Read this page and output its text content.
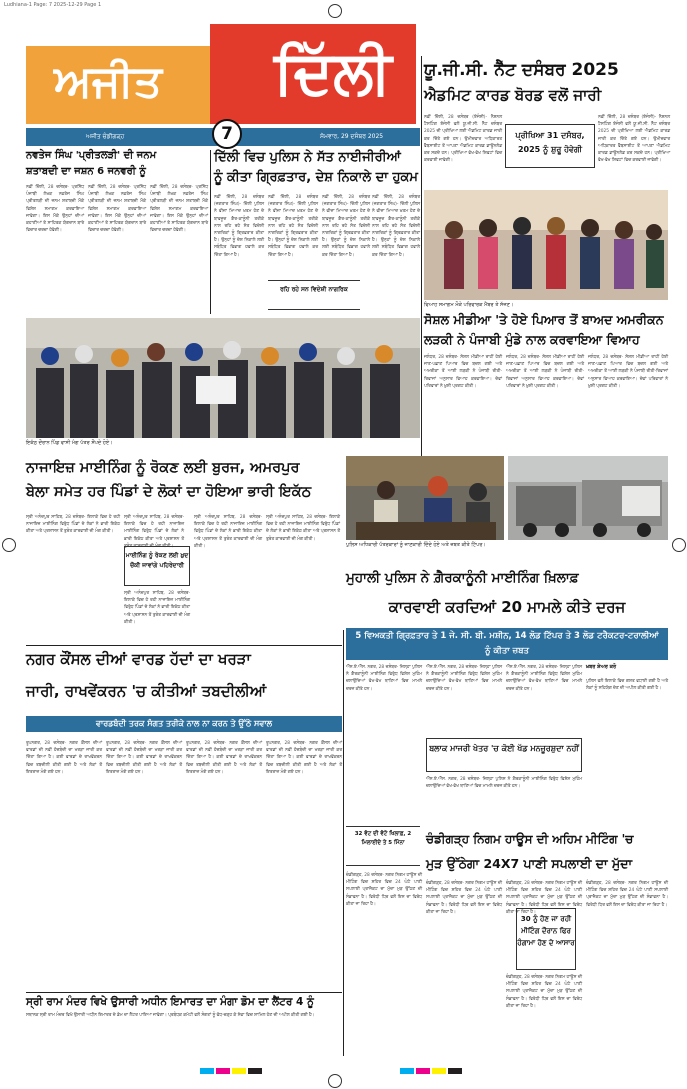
Ludhiana-1 Page: 7 2025-12-29 Page 1
ਅਜੀਤ ਦਿੱਲੀ
ਅਜੀਤ ਚੰਡੀਗੜ੍ਹ	ਸੋਮਵਾਰ, 29 ਦਸੰਬਰ 2025
7
ਯੂ.ਜੀ.ਸੀ. ਨੈੱਟ ਦਸੰਬਰ 2025
ਐਡਮਿਟ ਕਾਰਡ ਬੋਰਡ ਵਲੋਂ ਜਾਰੀ
ਨਵੀਂ ਦਿੱਲੀ, 28 ਦਸੰਬਰ (ਏਜੰਸੀ)- ਨੈਸ਼ਨਲ ਟੈਸਟਿੰਗ ਏਜੰਸੀ ਵਲੋਂ ਯੂ.ਜੀ.ਸੀ. ਨੈੱਟ ਦਸੰਬਰ 2025 ਦੀ ਪ੍ਰੀਖਿਆ ਲਈ ਐਡਮਿਟ ਕਾਰਡ ਜਾਰੀ ਕਰ ਦਿੱਤੇ ਗਏ ਹਨ। ਉਮੀਦਵਾਰ ਅਧਿਕਾਰਤ ਵੈੱਬਸਾਈਟ ਤੋਂ ਆਪਣਾ ਐਡਮਿਟ ਕਾਰਡ ਡਾਊਨਲੋਡ ਕਰ ਸਕਦੇ ਹਨ। ਪ੍ਰੀਖਿਆ ਵੱਖ-ਵੱਖ ਸ਼ਿਫਟਾਂ ਵਿਚ ਕਰਵਾਈ ਜਾਵੇਗੀ।
ਪ੍ਰੀਖਿਆ 31 ਦਸੰਬਰ, 2025 ਨੂੰ ਸ਼ੁਰੂ ਹੋਵੇਗੀ
ਨਵੀਂ ਦਿੱਲੀ, 28 ਦਸੰਬਰ (ਏਜੰਸੀ)- ਨੈਸ਼ਨਲ ਟੈਸਟਿੰਗ ਏਜੰਸੀ ਵਲੋਂ ਯੂ.ਜੀ.ਸੀ. ਨੈੱਟ ਦਸੰਬਰ 2025 ਦੀ ਪ੍ਰੀਖਿਆ ਲਈ ਐਡਮਿਟ ਕਾਰਡ ਜਾਰੀ ਕਰ ਦਿੱਤੇ ਗਏ ਹਨ। ਉਮੀਦਵਾਰ ਅਧਿਕਾਰਤ ਵੈੱਬਸਾਈਟ ਤੋਂ ਆਪਣਾ ਐਡਮਿਟ ਕਾਰਡ ਡਾਊਨਲੋਡ ਕਰ ਸਕਦੇ ਹਨ। ਪ੍ਰੀਖਿਆ ਵੱਖ-ਵੱਖ ਸ਼ਿਫਟਾਂ ਵਿਚ ਕਰਵਾਈ ਜਾਵੇਗੀ।
ਵਿਆਹ ਸਮਾਗਮ ਮੌਕੇ ਪਰਿਵਾਰਕ ਮੈਂਬਰ ਤੇ ਸੱਜਣ।
ਸੋਸ਼ਲ ਮੀਡੀਆ 'ਤੇ ਹੋਏ ਪਿਆਰ ਤੋਂ ਬਾਅਦ ਅਮਰੀਕਨ
ਲੜਕੀ ਨੇ ਪੰਜਾਬੀ ਮੁੰਡੇ ਨਾਲ ਕਰਵਾਇਆ ਵਿਆਹ
ਜਲੰਧਰ, 28 ਦਸੰਬਰ- ਸੋਸ਼ਲ ਮੀਡੀਆ ਰਾਹੀਂ ਹੋਈ ਜਾਣ-ਪਛਾਣ ਪਿਆਰ ਵਿਚ ਬਦਲ ਗਈ ਅਤੇ ਅਮਰੀਕਾ ਤੋਂ ਆਈ ਲੜਕੀ ਨੇ ਪੰਜਾਬੀ ਰੀਤੀ-ਰਿਵਾਜਾਂ ਅਨੁਸਾਰ ਵਿਆਹ ਕਰਵਾਇਆ। ਦੋਵਾਂ ਪਰਿਵਾਰਾਂ ਨੇ ਖ਼ੁਸ਼ੀ ਪ੍ਰਗਟ ਕੀਤੀ।
ਜਲੰਧਰ, 28 ਦਸੰਬਰ- ਸੋਸ਼ਲ ਮੀਡੀਆ ਰਾਹੀਂ ਹੋਈ ਜਾਣ-ਪਛਾਣ ਪਿਆਰ ਵਿਚ ਬਦਲ ਗਈ ਅਤੇ ਅਮਰੀਕਾ ਤੋਂ ਆਈ ਲੜਕੀ ਨੇ ਪੰਜਾਬੀ ਰੀਤੀ-ਰਿਵਾਜਾਂ ਅਨੁਸਾਰ ਵਿਆਹ ਕਰਵਾਇਆ। ਦੋਵਾਂ ਪਰਿਵਾਰਾਂ ਨੇ ਖ਼ੁਸ਼ੀ ਪ੍ਰਗਟ ਕੀਤੀ।
ਜਲੰਧਰ, 28 ਦਸੰਬਰ- ਸੋਸ਼ਲ ਮੀਡੀਆ ਰਾਹੀਂ ਹੋਈ ਜਾਣ-ਪਛਾਣ ਪਿਆਰ ਵਿਚ ਬਦਲ ਗਈ ਅਤੇ ਅਮਰੀਕਾ ਤੋਂ ਆਈ ਲੜਕੀ ਨੇ ਪੰਜਾਬੀ ਰੀਤੀ-ਰਿਵਾਜਾਂ ਅਨੁਸਾਰ ਵਿਆਹ ਕਰਵਾਇਆ। ਦੋਵਾਂ ਪਰਿਵਾਰਾਂ ਨੇ ਖ਼ੁਸ਼ੀ ਪ੍ਰਗਟ ਕੀਤੀ।
ਨਵਤੇਜ ਸਿੰਘ 'ਪ੍ਰੀਤਲੜੀ' ਦੀ ਜਨਮ
ਸ਼ਤਾਬਦੀ ਦਾ ਜਸ਼ਨ 6 ਜਨਵਰੀ ਨੂੰ
ਨਵੀਂ ਦਿੱਲੀ, 28 ਦਸੰਬਰ- ਪ੍ਰਸਿੱਧ ਪੰਜਾਬੀ ਲੇਖਕ ਨਵਤੇਜ ਸਿੰਘ ਪ੍ਰੀਤਲੜੀ ਦੀ ਜਨਮ ਸ਼ਤਾਬਦੀ ਮੌਕੇ ਵਿਸ਼ੇਸ਼ ਸਮਾਗਮ ਕਰਵਾਇਆ ਜਾਵੇਗਾ। ਇਸ ਮੌਕੇ ਉਨ੍ਹਾਂ ਦੀਆਂ ਕਹਾਣੀਆਂ ਤੇ ਸਾਹਿਤਕ ਯੋਗਦਾਨ ਬਾਰੇ ਵਿਚਾਰ ਚਰਚਾ ਹੋਵੇਗੀ।
ਨਵੀਂ ਦਿੱਲੀ, 28 ਦਸੰਬਰ- ਪ੍ਰਸਿੱਧ ਪੰਜਾਬੀ ਲੇਖਕ ਨਵਤੇਜ ਸਿੰਘ ਪ੍ਰੀਤਲੜੀ ਦੀ ਜਨਮ ਸ਼ਤਾਬਦੀ ਮੌਕੇ ਵਿਸ਼ੇਸ਼ ਸਮਾਗਮ ਕਰਵਾਇਆ ਜਾਵੇਗਾ। ਇਸ ਮੌਕੇ ਉਨ੍ਹਾਂ ਦੀਆਂ ਕਹਾਣੀਆਂ ਤੇ ਸਾਹਿਤਕ ਯੋਗਦਾਨ ਬਾਰੇ ਵਿਚਾਰ ਚਰਚਾ ਹੋਵੇਗੀ।
ਨਵੀਂ ਦਿੱਲੀ, 28 ਦਸੰਬਰ- ਪ੍ਰਸਿੱਧ ਪੰਜਾਬੀ ਲੇਖਕ ਨਵਤੇਜ ਸਿੰਘ ਪ੍ਰੀਤਲੜੀ ਦੀ ਜਨਮ ਸ਼ਤਾਬਦੀ ਮੌਕੇ ਵਿਸ਼ੇਸ਼ ਸਮਾਗਮ ਕਰਵਾਇਆ ਜਾਵੇਗਾ। ਇਸ ਮੌਕੇ ਉਨ੍ਹਾਂ ਦੀਆਂ ਕਹਾਣੀਆਂ ਤੇ ਸਾਹਿਤਕ ਯੋਗਦਾਨ ਬਾਰੇ ਵਿਚਾਰ ਚਰਚਾ ਹੋਵੇਗੀ।
ਦਿੱਲੀ ਵਿਚ ਪੁਲਿਸ ਨੇ ਸੱਤ ਨਾਈਜੀਰੀਆਂ
ਨੂੰ ਕੀਤਾ ਗ੍ਰਿਫ਼ਤਾਰ, ਦੇਸ਼ ਨਿਕਾਲੇ ਦਾ ਹੁਕਮ
ਨਵੀਂ ਦਿੱਲੀ, 28 ਦਸੰਬਰ (ਜਗਤਾਰ ਸਿੰਘ)- ਦਿੱਲੀ ਪੁਲਿਸ ਨੇ ਵੀਜ਼ਾ ਮਿਆਦ ਖ਼ਤਮ ਹੋਣ ਦੇ ਬਾਵਜੂਦ ਗ਼ੈਰ-ਕਾਨੂੰਨੀ ਤਰੀਕੇ ਨਾਲ ਰਹਿ ਰਹੇ ਸੱਤ ਵਿਦੇਸ਼ੀ ਨਾਗਰਿਕਾਂ ਨੂੰ ਗ੍ਰਿਫ਼ਤਾਰ ਕੀਤਾ ਹੈ। ਉਨ੍ਹਾਂ ਨੂੰ ਦੇਸ਼ ਨਿਕਾਲੇ ਲਈ ਸਬੰਧਿਤ ਵਿਭਾਗ ਹਵਾਲੇ ਕਰ ਦਿੱਤਾ ਗਿਆ ਹੈ।
ਨਵੀਂ ਦਿੱਲੀ, 28 ਦਸੰਬਰ (ਜਗਤਾਰ ਸਿੰਘ)- ਦਿੱਲੀ ਪੁਲਿਸ ਨੇ ਵੀਜ਼ਾ ਮਿਆਦ ਖ਼ਤਮ ਹੋਣ ਦੇ ਬਾਵਜੂਦ ਗ਼ੈਰ-ਕਾਨੂੰਨੀ ਤਰੀਕੇ ਨਾਲ ਰਹਿ ਰਹੇ ਸੱਤ ਵਿਦੇਸ਼ੀ ਨਾਗਰਿਕਾਂ ਨੂੰ ਗ੍ਰਿਫ਼ਤਾਰ ਕੀਤਾ ਹੈ। ਉਨ੍ਹਾਂ ਨੂੰ ਦੇਸ਼ ਨਿਕਾਲੇ ਲਈ ਸਬੰਧਿਤ ਵਿਭਾਗ ਹਵਾਲੇ ਕਰ ਦਿੱਤਾ ਗਿਆ ਹੈ।
ਰਹਿ ਰਹੇ ਸਨ ਵਿਦੇਸ਼ੀ ਨਾਗਰਿਕ
ਨਵੀਂ ਦਿੱਲੀ, 28 ਦਸੰਬਰ (ਜਗਤਾਰ ਸਿੰਘ)- ਦਿੱਲੀ ਪੁਲਿਸ ਨੇ ਵੀਜ਼ਾ ਮਿਆਦ ਖ਼ਤਮ ਹੋਣ ਦੇ ਬਾਵਜੂਦ ਗ਼ੈਰ-ਕਾਨੂੰਨੀ ਤਰੀਕੇ ਨਾਲ ਰਹਿ ਰਹੇ ਸੱਤ ਵਿਦੇਸ਼ੀ ਨਾਗਰਿਕਾਂ ਨੂੰ ਗ੍ਰਿਫ਼ਤਾਰ ਕੀਤਾ ਹੈ। ਉਨ੍ਹਾਂ ਨੂੰ ਦੇਸ਼ ਨਿਕਾਲੇ ਲਈ ਸਬੰਧਿਤ ਵਿਭਾਗ ਹਵਾਲੇ ਕਰ ਦਿੱਤਾ ਗਿਆ ਹੈ।
ਨਵੀਂ ਦਿੱਲੀ, 28 ਦਸੰਬਰ (ਜਗਤਾਰ ਸਿੰਘ)- ਦਿੱਲੀ ਪੁਲਿਸ ਨੇ ਵੀਜ਼ਾ ਮਿਆਦ ਖ਼ਤਮ ਹੋਣ ਦੇ ਬਾਵਜੂਦ ਗ਼ੈਰ-ਕਾਨੂੰਨੀ ਤਰੀਕੇ ਨਾਲ ਰਹਿ ਰਹੇ ਸੱਤ ਵਿਦੇਸ਼ੀ ਨਾਗਰਿਕਾਂ ਨੂੰ ਗ੍ਰਿਫ਼ਤਾਰ ਕੀਤਾ ਹੈ। ਉਨ੍ਹਾਂ ਨੂੰ ਦੇਸ਼ ਨਿਕਾਲੇ ਲਈ ਸਬੰਧਿਤ ਵਿਭਾਗ ਹਵਾਲੇ ਕਰ ਦਿੱਤਾ ਗਿਆ ਹੈ।
ਇਕੱਠ ਦੌਰਾਨ ਪਿੰਡ ਵਾਸੀ ਮੰਗ ਪੱਤਰ ਸੌਂਪਦੇ ਹੋਏ।
ਨਾਜਾਇਜ਼ ਮਾਈਨਿੰਗ ਨੂੰ ਰੋਕਣ ਲਈ ਬੁਰਜ, ਅਮਰਪੁਰ
ਬੇਲਾ ਸਮੇਤ ਹਰ ਪਿੰਡਾਂ ਦੇ ਲੋਕਾਂ ਦਾ ਹੋਇਆ ਭਾਰੀ ਇਕੱਠ
ਸ੍ਰੀ ਅਨੰਦਪੁਰ ਸਾਹਿਬ, 28 ਦਸੰਬਰ- ਇਲਾਕੇ ਵਿਚ ਹੋ ਰਹੀ ਨਾਜਾਇਜ਼ ਮਾਈਨਿੰਗ ਵਿਰੁੱਧ ਪਿੰਡਾਂ ਦੇ ਲੋਕਾਂ ਨੇ ਭਾਰੀ ਇਕੱਠ ਕੀਤਾ ਅਤੇ ਪ੍ਰਸ਼ਾਸਨ ਤੋਂ ਤੁਰੰਤ ਕਾਰਵਾਈ ਦੀ ਮੰਗ ਕੀਤੀ।
ਸ੍ਰੀ ਅਨੰਦਪੁਰ ਸਾਹਿਬ, 28 ਦਸੰਬਰ- ਇਲਾਕੇ ਵਿਚ ਹੋ ਰਹੀ ਨਾਜਾਇਜ਼ ਮਾਈਨਿੰਗ ਵਿਰੁੱਧ ਪਿੰਡਾਂ ਦੇ ਲੋਕਾਂ ਨੇ ਭਾਰੀ ਇਕੱਠ ਕੀਤਾ ਅਤੇ ਪ੍ਰਸ਼ਾਸਨ ਤੋਂ ਤੁਰੰਤ ਕਾਰਵਾਈ ਦੀ ਮੰਗ ਕੀਤੀ।
ਮਾਈਨਿੰਗ ਨੂੰ ਰੋਕਣ ਲਈ ਖ਼ੁਦ ਚੌਕੀ ਜਾਵਾਂਗੇ ਪਹਿਰੇਦਾਰੀ
ਸ੍ਰੀ ਅਨੰਦਪੁਰ ਸਾਹਿਬ, 28 ਦਸੰਬਰ- ਇਲਾਕੇ ਵਿਚ ਹੋ ਰਹੀ ਨਾਜਾਇਜ਼ ਮਾਈਨਿੰਗ ਵਿਰੁੱਧ ਪਿੰਡਾਂ ਦੇ ਲੋਕਾਂ ਨੇ ਭਾਰੀ ਇਕੱਠ ਕੀਤਾ ਅਤੇ ਪ੍ਰਸ਼ਾਸਨ ਤੋਂ ਤੁਰੰਤ ਕਾਰਵਾਈ ਦੀ ਮੰਗ ਕੀਤੀ।
ਸ੍ਰੀ ਅਨੰਦਪੁਰ ਸਾਹਿਬ, 28 ਦਸੰਬਰ- ਇਲਾਕੇ ਵਿਚ ਹੋ ਰਹੀ ਨਾਜਾਇਜ਼ ਮਾਈਨਿੰਗ ਵਿਰੁੱਧ ਪਿੰਡਾਂ ਦੇ ਲੋਕਾਂ ਨੇ ਭਾਰੀ ਇਕੱਠ ਕੀਤਾ ਅਤੇ ਪ੍ਰਸ਼ਾਸਨ ਤੋਂ ਤੁਰੰਤ ਕਾਰਵਾਈ ਦੀ ਮੰਗ ਕੀਤੀ।
ਸ੍ਰੀ ਅਨੰਦਪੁਰ ਸਾਹਿਬ, 28 ਦਸੰਬਰ- ਇਲਾਕੇ ਵਿਚ ਹੋ ਰਹੀ ਨਾਜਾਇਜ਼ ਮਾਈਨਿੰਗ ਵਿਰੁੱਧ ਪਿੰਡਾਂ ਦੇ ਲੋਕਾਂ ਨੇ ਭਾਰੀ ਇਕੱਠ ਕੀਤਾ ਅਤੇ ਪ੍ਰਸ਼ਾਸਨ ਤੋਂ ਤੁਰੰਤ ਕਾਰਵਾਈ ਦੀ ਮੰਗ ਕੀਤੀ।
ਪੁਲਿਸ ਅਧਿਕਾਰੀ ਪੱਤਰਕਾਰਾਂ ਨੂੰ ਜਾਣਕਾਰੀ ਦਿੰਦੇ ਹੋਏ ਅਤੇ ਜ਼ਬਤ ਕੀਤੇ ਟਿੱਪਰ।
ਮੁਹਾਲੀ ਪੁਲਿਸ ਨੇ ਗ਼ੈਰਕਾਨੂੰਨੀ ਮਾਈਨਿੰਗ ਖ਼ਿਲਾਫ਼
ਕਾਰਵਾਈ ਕਰਦਿਆਂ 20 ਮਾਮਲੇ ਕੀਤੇ ਦਰਜ
5 ਵਿਅਕਤੀ ਗ੍ਰਿਫ਼ਤਾਰ ਤੇ 1 ਜੇ. ਸੀ. ਬੀ. ਮਸ਼ੀਨ, 14 ਲੋਡ ਟਿੱਪਰ ਤੇ 3 ਲੋਡ ਟਰੈਕਟਰ-ਟਰਾਲੀਆਂ ਨੂੰ ਕੀਤਾ ਜ਼ਬਤ
ਐੱਸ.ਏ.ਐੱਸ. ਨਗਰ, 28 ਦਸੰਬਰ- ਜ਼ਿਲ੍ਹਾ ਪੁਲਿਸ ਨੇ ਗ਼ੈਰਕਾਨੂੰਨੀ ਮਾਈਨਿੰਗ ਵਿਰੁੱਧ ਵਿਸ਼ੇਸ਼ ਮੁਹਿੰਮ ਚਲਾਉਂਦਿਆਂ ਵੱਖ-ਵੱਖ ਥਾਣਿਆਂ ਵਿਚ ਮਾਮਲੇ ਦਰਜ ਕੀਤੇ ਹਨ।
ਐੱਸ.ਏ.ਐੱਸ. ਨਗਰ, 28 ਦਸੰਬਰ- ਜ਼ਿਲ੍ਹਾ ਪੁਲਿਸ ਨੇ ਗ਼ੈਰਕਾਨੂੰਨੀ ਮਾਈਨਿੰਗ ਵਿਰੁੱਧ ਵਿਸ਼ੇਸ਼ ਮੁਹਿੰਮ ਚਲਾਉਂਦਿਆਂ ਵੱਖ-ਵੱਖ ਥਾਣਿਆਂ ਵਿਚ ਮਾਮਲੇ ਦਰਜ ਕੀਤੇ ਹਨ।
ਐੱਸ.ਏ.ਐੱਸ. ਨਗਰ, 28 ਦਸੰਬਰ- ਜ਼ਿਲ੍ਹਾ ਪੁਲਿਸ ਨੇ ਗ਼ੈਰਕਾਨੂੰਨੀ ਮਾਈਨਿੰਗ ਵਿਰੁੱਧ ਵਿਸ਼ੇਸ਼ ਮੁਹਿੰਮ ਚਲਾਉਂਦਿਆਂ ਵੱਖ-ਵੱਖ ਥਾਣਿਆਂ ਵਿਚ ਮਾਮਲੇ ਦਰਜ ਕੀਤੇ ਹਨ।
ਬਲਾਕ ਮਾਜਰੀ ਖੇਤਰ 'ਚ ਕੋਈ ਖੱਡ ਮਨਜ਼ੂਰਸ਼ੁਦਾ ਨਹੀਂ
ਐੱਸ.ਏ.ਐੱਸ. ਨਗਰ, 28 ਦਸੰਬਰ- ਜ਼ਿਲ੍ਹਾ ਪੁਲਿਸ ਨੇ ਗ਼ੈਰਕਾਨੂੰਨੀ ਮਾਈਨਿੰਗ ਵਿਰੁੱਧ ਵਿਸ਼ੇਸ਼ ਮੁਹਿੰਮ ਚਲਾਉਂਦਿਆਂ ਵੱਖ-ਵੱਖ ਥਾਣਿਆਂ ਵਿਚ ਮਾਮਲੇ ਦਰਜ ਕੀਤੇ ਹਨ।
ਖ਼ਬਰ ਸ਼ੇਅਰ ਕਰੋ
ਪੁਲਿਸ ਵਲੋਂ ਇਲਾਕੇ ਵਿਚ ਗਸ਼ਤ ਵਧਾਈ ਗਈ ਹੈ ਅਤੇ ਲੋਕਾਂ ਨੂੰ ਸਹਿਯੋਗ ਦੇਣ ਦੀ ਅਪੀਲ ਕੀਤੀ ਗਈ ਹੈ।
ਨਗਰ ਕੌਂਸਲ ਦੀਆਂ ਵਾਰਡ ਹੱਦਾਂ ਦਾ ਖਰੜਾ
ਜਾਰੀ, ਰਾਖਵੇਂਕਰਨ 'ਚ ਕੀਤੀਆਂ ਤਬਦੀਲੀਆਂ
ਵਾਰਡਬੰਦੀ ਤਰਕ ਸੰਗਤ ਤਰੀਕੇ ਨਾਲ ਨਾ ਕਰਨ ਤੇ ਉੱਠੇ ਸਵਾਲ
ਰੂਪਨਗਰ, 28 ਦਸੰਬਰ- ਨਗਰ ਕੌਂਸਲ ਦੀਆਂ ਵਾਰਡਾਂ ਦੀ ਨਵੀਂ ਹੱਦਬੰਦੀ ਦਾ ਖਰੜਾ ਜਾਰੀ ਕਰ ਦਿੱਤਾ ਗਿਆ ਹੈ। ਕਈ ਵਾਰਡਾਂ ਦੇ ਰਾਖਵੇਂਕਰਨ ਵਿਚ ਤਬਦੀਲੀ ਕੀਤੀ ਗਈ ਹੈ ਅਤੇ ਲੋਕਾਂ ਤੋਂ ਇਤਰਾਜ਼ ਮੰਗੇ ਗਏ ਹਨ।
ਰੂਪਨਗਰ, 28 ਦਸੰਬਰ- ਨਗਰ ਕੌਂਸਲ ਦੀਆਂ ਵਾਰਡਾਂ ਦੀ ਨਵੀਂ ਹੱਦਬੰਦੀ ਦਾ ਖਰੜਾ ਜਾਰੀ ਕਰ ਦਿੱਤਾ ਗਿਆ ਹੈ। ਕਈ ਵਾਰਡਾਂ ਦੇ ਰਾਖਵੇਂਕਰਨ ਵਿਚ ਤਬਦੀਲੀ ਕੀਤੀ ਗਈ ਹੈ ਅਤੇ ਲੋਕਾਂ ਤੋਂ ਇਤਰਾਜ਼ ਮੰਗੇ ਗਏ ਹਨ।
ਰੂਪਨਗਰ, 28 ਦਸੰਬਰ- ਨਗਰ ਕੌਂਸਲ ਦੀਆਂ ਵਾਰਡਾਂ ਦੀ ਨਵੀਂ ਹੱਦਬੰਦੀ ਦਾ ਖਰੜਾ ਜਾਰੀ ਕਰ ਦਿੱਤਾ ਗਿਆ ਹੈ। ਕਈ ਵਾਰਡਾਂ ਦੇ ਰਾਖਵੇਂਕਰਨ ਵਿਚ ਤਬਦੀਲੀ ਕੀਤੀ ਗਈ ਹੈ ਅਤੇ ਲੋਕਾਂ ਤੋਂ ਇਤਰਾਜ਼ ਮੰਗੇ ਗਏ ਹਨ।
ਰੂਪਨਗਰ, 28 ਦਸੰਬਰ- ਨਗਰ ਕੌਂਸਲ ਦੀਆਂ ਵਾਰਡਾਂ ਦੀ ਨਵੀਂ ਹੱਦਬੰਦੀ ਦਾ ਖਰੜਾ ਜਾਰੀ ਕਰ ਦਿੱਤਾ ਗਿਆ ਹੈ। ਕਈ ਵਾਰਡਾਂ ਦੇ ਰਾਖਵੇਂਕਰਨ ਵਿਚ ਤਬਦੀਲੀ ਕੀਤੀ ਗਈ ਹੈ ਅਤੇ ਲੋਕਾਂ ਤੋਂ ਇਤਰਾਜ਼ ਮੰਗੇ ਗਏ ਹਨ।
32 ਵੋਟ ਦੀ ਵੋਟੋ ਖਿਲਾਫ਼, 2 ਮਿਲਾਈਦੇ ਤੇ 5 ਮਿੰਨਾ	ਚੰਡੀਗੜ੍ਹ ਨਿਗਮ ਹਾਊਸ ਦੀ ਅਹਿਮ ਮੀਟਿੰਗ 'ਚ
ਮੁੜ ਉੱਠੇਗਾ 24X7 ਪਾਣੀ ਸਪਲਾਈ ਦਾ ਮੁੱਦਾ
ਚੰਡੀਗੜ੍ਹ, 28 ਦਸੰਬਰ- ਨਗਰ ਨਿਗਮ ਹਾਊਸ ਦੀ ਮੀਟਿੰਗ ਵਿਚ ਸ਼ਹਿਰ ਵਿਚ 24 ਘੰਟੇ ਪਾਣੀ ਸਪਲਾਈ ਪ੍ਰਾਜੈਕਟ ਦਾ ਮੁੱਦਾ ਮੁੜ ਉੱਠਣ ਦੀ ਸੰਭਾਵਨਾ ਹੈ। ਵਿਰੋਧੀ ਧਿਰ ਵਲੋਂ ਇਸ ਦਾ ਵਿਰੋਧ ਕੀਤਾ ਜਾ ਰਿਹਾ ਹੈ।
ਚੰਡੀਗੜ੍ਹ, 28 ਦਸੰਬਰ- ਨਗਰ ਨਿਗਮ ਹਾਊਸ ਦੀ ਮੀਟਿੰਗ ਵਿਚ ਸ਼ਹਿਰ ਵਿਚ 24 ਘੰਟੇ ਪਾਣੀ ਸਪਲਾਈ ਪ੍ਰਾਜੈਕਟ ਦਾ ਮੁੱਦਾ ਮੁੜ ਉੱਠਣ ਦੀ ਸੰਭਾਵਨਾ ਹੈ। ਵਿਰੋਧੀ ਧਿਰ ਵਲੋਂ ਇਸ ਦਾ ਵਿਰੋਧ ਕੀਤਾ ਜਾ ਰਿਹਾ ਹੈ।
ਚੰਡੀਗੜ੍ਹ, 28 ਦਸੰਬਰ- ਨਗਰ ਨਿਗਮ ਹਾਊਸ ਦੀ ਮੀਟਿੰਗ ਵਿਚ ਸ਼ਹਿਰ ਵਿਚ 24 ਘੰਟੇ ਪਾਣੀ ਸਪਲਾਈ ਪ੍ਰਾਜੈਕਟ ਦਾ ਮੁੱਦਾ ਮੁੜ ਉੱਠਣ ਦੀ ਸੰਭਾਵਨਾ ਹੈ। ਵਿਰੋਧੀ ਧਿਰ ਵਲੋਂ ਇਸ ਦਾ ਵਿਰੋਧ ਕੀਤਾ ਜਾ ਰਿਹਾ ਹੈ।
30 ਨੂੰ ਹੋਣ ਜਾ ਰਹੀ ਮੀਟਿੰਗ ਦੌਰਾਨ ਫਿਰ ਹੰਗਾਮਾ ਹੋਣ ਦੇ ਆਸਾਰ
ਚੰਡੀਗੜ੍ਹ, 28 ਦਸੰਬਰ- ਨਗਰ ਨਿਗਮ ਹਾਊਸ ਦੀ ਮੀਟਿੰਗ ਵਿਚ ਸ਼ਹਿਰ ਵਿਚ 24 ਘੰਟੇ ਪਾਣੀ ਸਪਲਾਈ ਪ੍ਰਾਜੈਕਟ ਦਾ ਮੁੱਦਾ ਮੁੜ ਉੱਠਣ ਦੀ ਸੰਭਾਵਨਾ ਹੈ। ਵਿਰੋਧੀ ਧਿਰ ਵਲੋਂ ਇਸ ਦਾ ਵਿਰੋਧ ਕੀਤਾ ਜਾ ਰਿਹਾ ਹੈ।
ਚੰਡੀਗੜ੍ਹ, 28 ਦਸੰਬਰ- ਨਗਰ ਨਿਗਮ ਹਾਊਸ ਦੀ ਮੀਟਿੰਗ ਵਿਚ ਸ਼ਹਿਰ ਵਿਚ 24 ਘੰਟੇ ਪਾਣੀ ਸਪਲਾਈ ਪ੍ਰਾਜੈਕਟ ਦਾ ਮੁੱਦਾ ਮੁੜ ਉੱਠਣ ਦੀ ਸੰਭਾਵਨਾ ਹੈ। ਵਿਰੋਧੀ ਧਿਰ ਵਲੋਂ ਇਸ ਦਾ ਵਿਰੋਧ ਕੀਤਾ ਜਾ ਰਿਹਾ ਹੈ।
ਸ੍ਰੀ ਰਾਮ ਮੰਦਰ ਵਿਖੇ ਉਸਾਰੀ ਅਧੀਨ ਇਮਾਰਤ ਦਾ ਮੰਗਾ ਡੋਮ ਦਾ ਲੈਂਟਰ 4 ਨੂੰ
ਸਥਾਨਕ ਸ੍ਰੀ ਰਾਮ ਮੰਦਰ ਵਿਖੇ ਉਸਾਰੀ ਅਧੀਨ ਇਮਾਰਤ ਦੇ ਡੋਮ ਦਾ ਲੈਂਟਰ ਪਾਇਆ ਜਾਵੇਗਾ। ਪ੍ਰਬੰਧਕ ਕਮੇਟੀ ਵਲੋਂ ਸੰਗਤਾਂ ਨੂੰ ਵੱਧ-ਚੜ੍ਹ ਕੇ ਸੇਵਾ ਵਿਚ ਸ਼ਾਮਿਲ ਹੋਣ ਦੀ ਅਪੀਲ ਕੀਤੀ ਗਈ ਹੈ।
